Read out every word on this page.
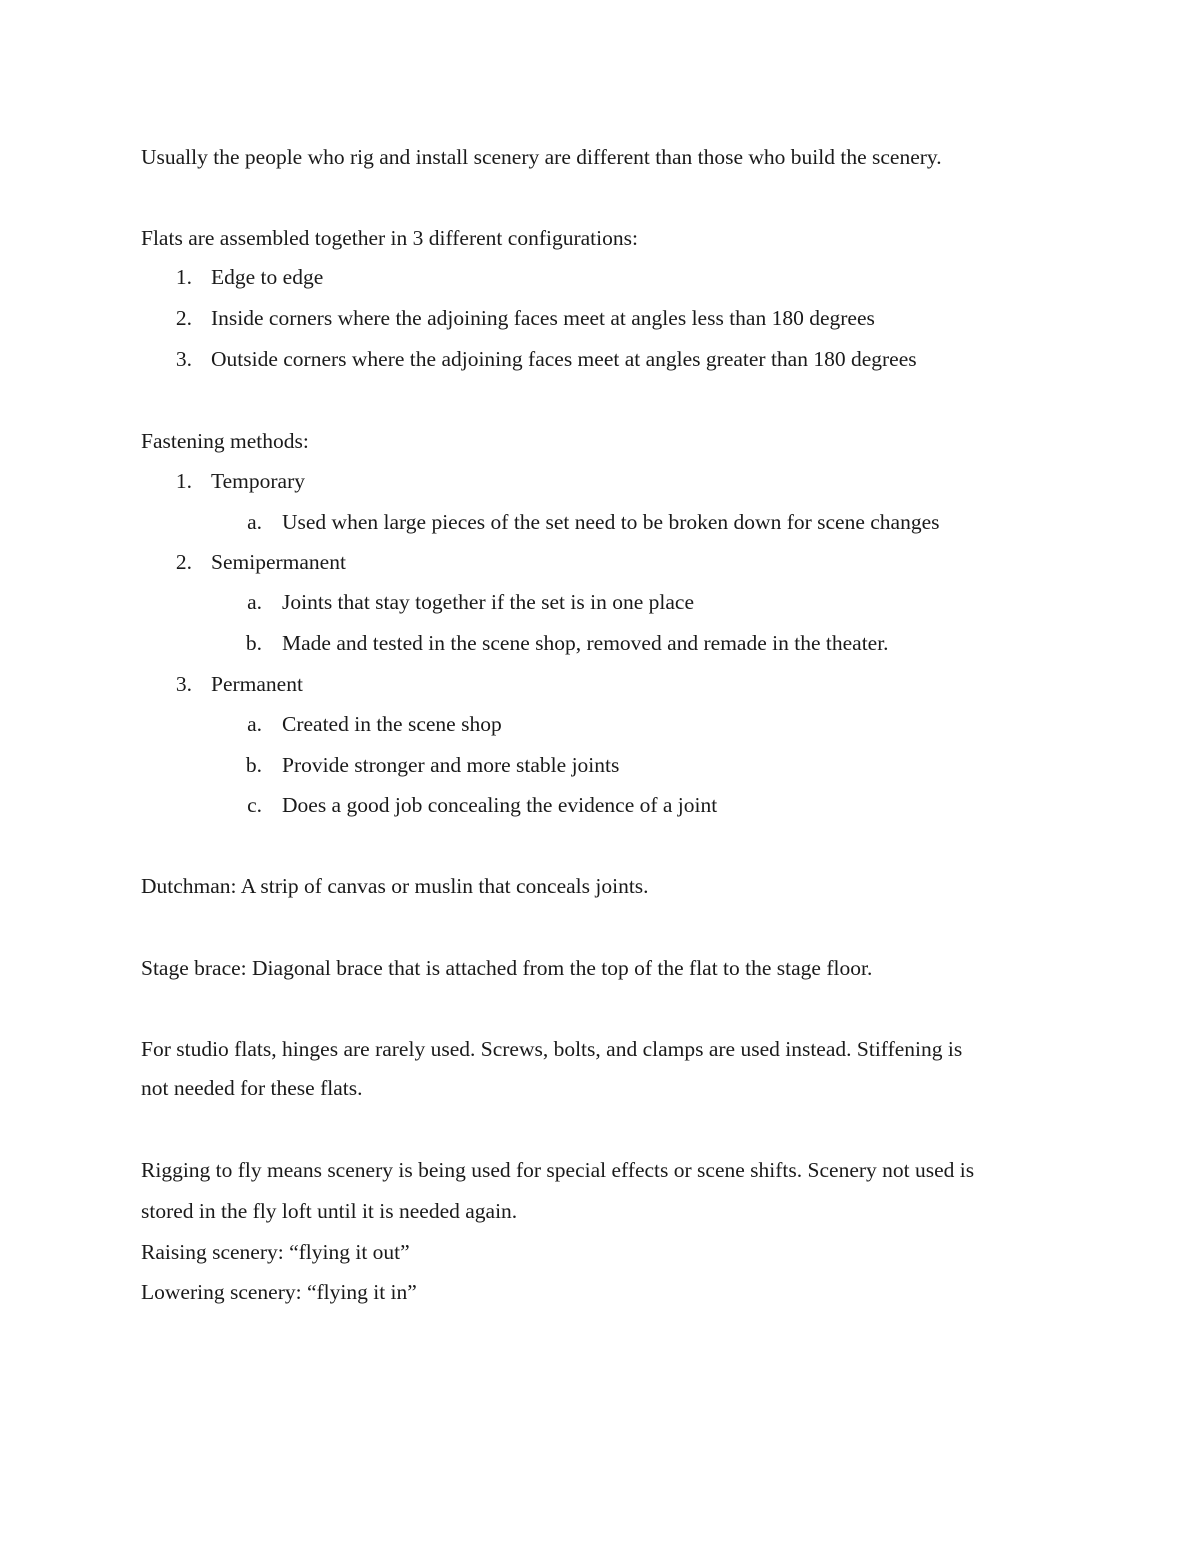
Usually the people who rig and install scenery are different than those who build the scenery.
Flats are assembled together in 3 different configurations:
1. Edge to edge
2. Inside corners where the adjoining faces meet at angles less than 180 degrees
3. Outside corners where the adjoining faces meet at angles greater than 180 degrees
Fastening methods:
1. Temporary
a. Used when large pieces of the set need to be broken down for scene changes
2. Semipermanent
a. Joints that stay together if the set is in one place
b. Made and tested in the scene shop, removed and remade in the theater.
3. Permanent
a. Created in the scene shop
b. Provide stronger and more stable joints
c. Does a good job concealing the evidence of a joint
Dutchman: A strip of canvas or muslin that conceals joints.
Stage brace: Diagonal brace that is attached from the top of the flat to the stage floor.
For studio flats, hinges are rarely used. Screws, bolts, and clamps are used instead. Stiffening is
not needed for these flats.
Rigging to fly means scenery is being used for special effects or scene shifts. Scenery not used is
stored in the fly loft until it is needed again.
Raising scenery: “flying it out”
Lowering scenery: “flying it in”
